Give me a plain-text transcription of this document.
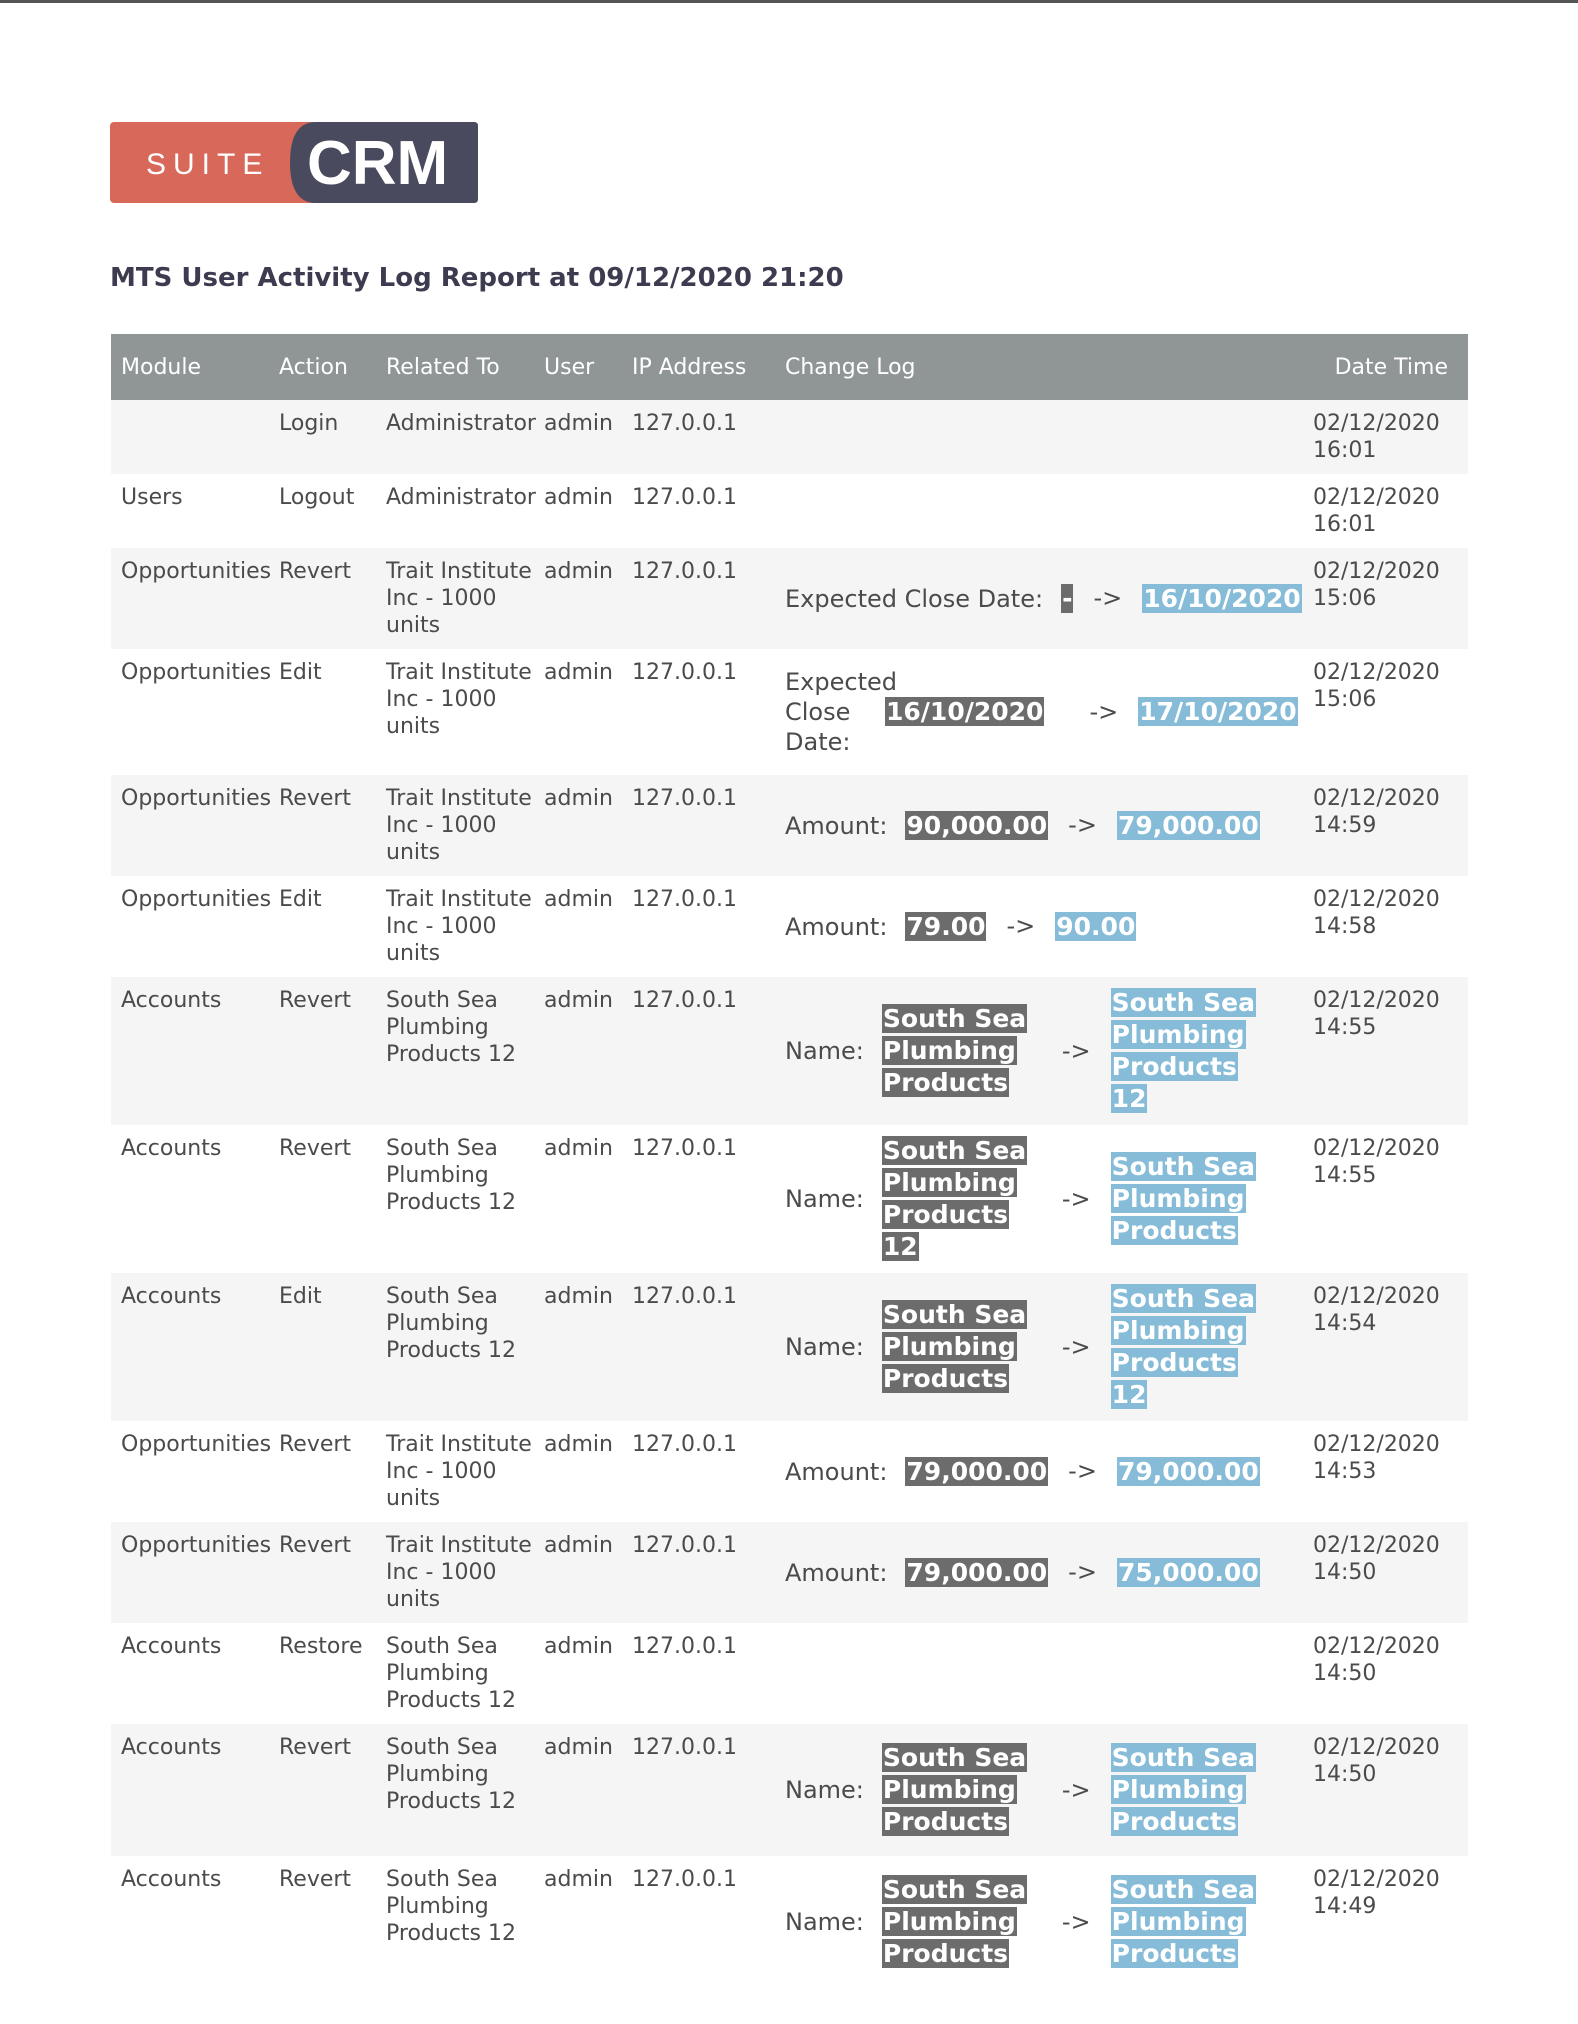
SUITE CRM
MTS User Activity Log Report at 09/12/2020 21:20
Module	Action	Related To	User	IP Address	Change Log	Date Time
	Login	Administrator	admin	127.0.0.1		02/12/2020
16:01
Users	Logout	Administrator	admin	127.0.0.1		02/12/2020
16:01
Opportunities	Revert	Trait Institute Inc - 1000 units	admin	127.0.0.1	Expected Close Date: - -> 16/10/2020	02/12/2020
15:06
Opportunities	Edit	Trait Institute Inc - 1000 units	admin	127.0.0.1	Expected Close Date:
16/10/2020 -> 17/10/2020	02/12/2020
15:06
Opportunities	Revert	Trait Institute Inc - 1000 units	admin	127.0.0.1	Amount: 90,000.00 -> 79,000.00	02/12/2020
14:59
Opportunities	Edit	Trait Institute Inc - 1000 units	admin	127.0.0.1	Amount: 79.00 -> 90.00	02/12/2020
14:58
Accounts	Revert	South Sea Plumbing Products 12	admin	127.0.0.1	Name:
South Sea Plumbing Products
->
South Sea Plumbing Products 12	02/12/2020
14:55
Accounts	Revert	South Sea Plumbing Products 12	admin	127.0.0.1	Name:
South Sea Plumbing Products 12
->
South Sea Plumbing Products	02/12/2020
14:55
Accounts	Edit	South Sea Plumbing Products 12	admin	127.0.0.1	Name:
South Sea Plumbing Products
->
South Sea Plumbing Products 12	02/12/2020
14:54
Opportunities	Revert	Trait Institute Inc - 1000 units	admin	127.0.0.1	Amount: 79,000.00 -> 79,000.00	02/12/2020
14:53
Opportunities	Revert	Trait Institute Inc - 1000 units	admin	127.0.0.1	Amount: 79,000.00 -> 75,000.00	02/12/2020
14:50
Accounts	Restore	South Sea Plumbing Products 12	admin	127.0.0.1		02/12/2020
14:50
Accounts	Revert	South Sea Plumbing Products 12	admin	127.0.0.1	Name:
South Sea Plumbing Products
->
South Sea Plumbing Products	02/12/2020
14:50
Accounts	Revert	South Sea Plumbing Products 12	admin	127.0.0.1	Name:
South Sea Plumbing Products
->
South Sea Plumbing Products	02/12/2020
14:49
